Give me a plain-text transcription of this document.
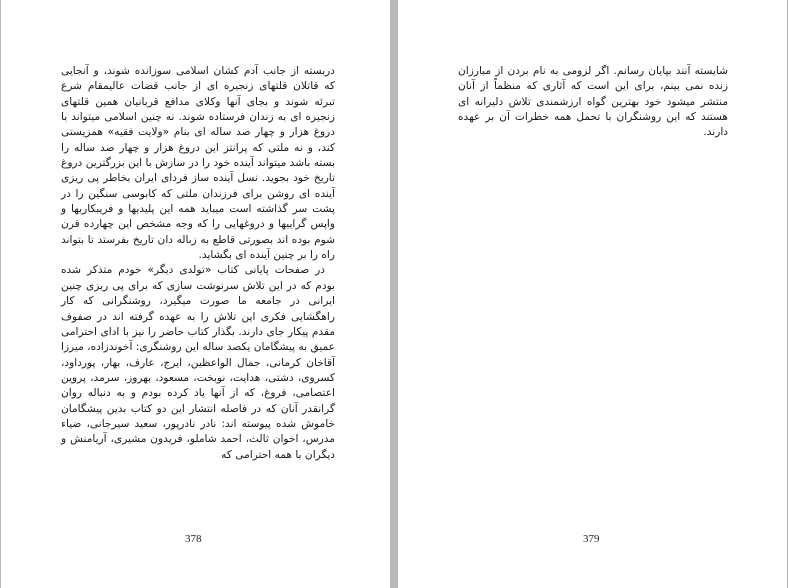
دربسته از جانب آدم کشان اسلامی سوزانده شوند، و آنجایی که قاتلان قلتهای زنجیره ای از جانب قضات عالیمقام شرع تبرئه شوند و بجای آنها وکلای مدافع قربانیان همین قلتهای زنجیره ای به زندان فرستاده شوند. نه چنین اسلامی میتواند با دروغ هزار و چهار صد ساله ای بنام «ولایت فقیه» همزیستی کند، و نه ملتی که پرانتز این دروغ هزار و چهار صد ساله را بسته باشد میتواند آینده خود را در سازش با این بزرگترین دروغ تاریخ خود بجوید. نسل آینده ساز فردای ایران بخاطر پی ریزی آینده ای روشن برای فرزندان ملتی که کابوسی سنگین را در پشت سر گذاشته است میباید همه این پلیدیها و فریبکاریها و واپس گراییها و دروغهایی را که وجه مشخص این چهارده قرن شوم بوده اند بصورتی قاطع به زباله دان تاریخ بفرستد تا بتواند راه را بر چنین آینده ای بگشاید.

در صفحات پایانی کتاب «تولدی دیگر» خودم متذکر شده بودم که در این تلاش سرنوشت سازی که برای پی ریزی چنین ایرانی در جامعه ما صورت میگیرد، روشنگرانی که کار راهگشایی فکری این تلاش را به عهده گرفته اند در صفوف مقدم پیکار جای دارند. بگذار کتاب حاضر را نیز با ادای احترامی عمیق به پیشگامان یکصد ساله این روشنگری: آخوندزاده، میرزا آقاخان کرمانی، جمال الواعظین، ایرج، عارف، بهار، پورداود، کسروی، دشتی، هدایت، نوبخت، مسعود، بهروز، سرمد، پروین اعتصامی، فروغ، که از آنها یاد کرده بودم و به دنباله روان گرانقدر آنان که در فاصله انتشار این دو کتاب بدین پیشگامان خاموش شده پیوسته اند: نادر نادرپور، سعید سیرجانی، ضیاء مدرس، اخوان ثالث، احمد شاملو، فریدون مشیری، آریامنش و دیگران با همه احترامی که

378

شایسته آنند بپایان رسانم. اگر لزومی به نام بردن از مبارزان زنده نمی بینم، برای این است که آثاری که منظماً از آنان منتشر میشود خود بهترین گواه ارزشمندی تلاش دلیرانه ای هستند که این روشنگران با تحمل همه خطرات آن بر عهده دارند.

379
